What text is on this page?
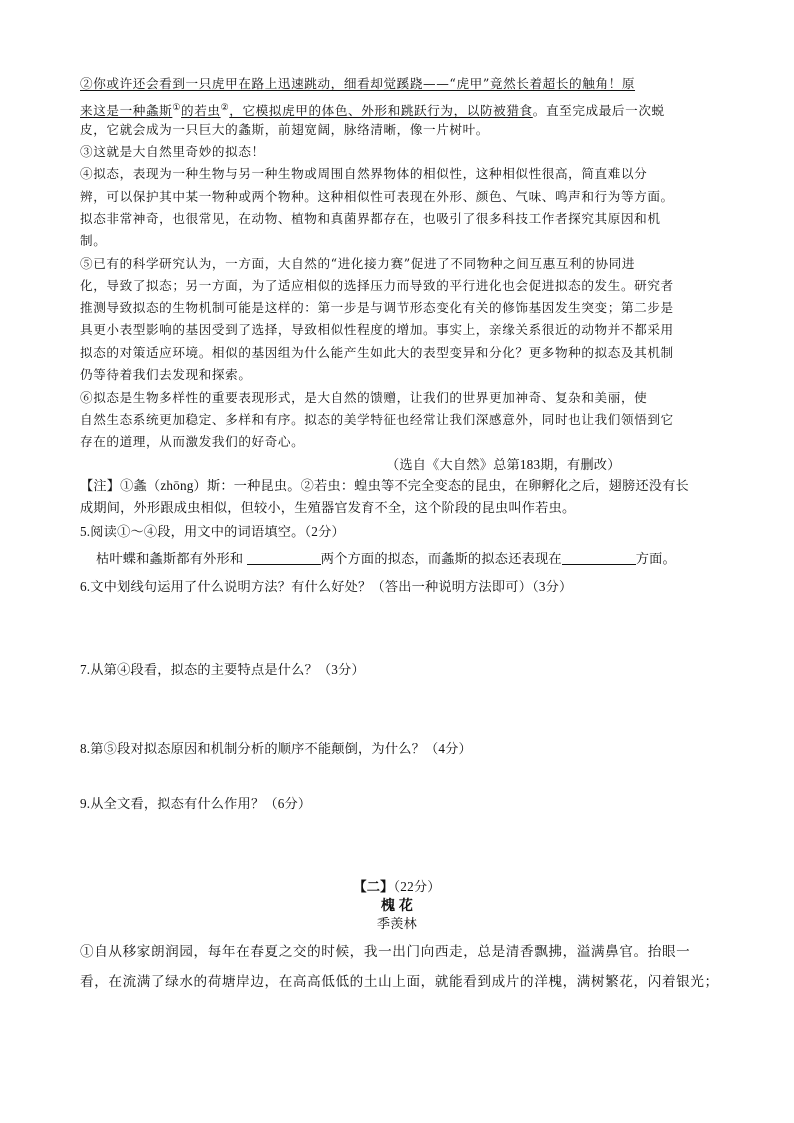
②你或许还会看到一只虎甲在路上迅速跳动，细看却觉蹊跷——“虎甲”竟然长着超长的触角！原
来这是一种螽斯①的若虫②，它模拟虎甲的体色、外形和跳跃行为，以防被猎食。直至完成最后一次蜕
皮，它就会成为一只巨大的螽斯，前翅宽阔，脉络清晰，像一片树叶。
③这就是大自然里奇妙的拟态！
④拟态，表现为一种生物与另一种生物或周围自然界物体的相似性，这种相似性很高，简直难以分
辨，可以保护其中某一物种或两个物种。这种相似性可表现在外形、颜色、气味、鸣声和行为等方面。
拟态非常神奇，也很常见，在动物、植物和真菌界都存在，也吸引了很多科技工作者探究其原因和机
制。
⑤已有的科学研究认为，一方面，大自然的“进化接力赛”促进了不同物种之间互惠互利的协同进
化，导致了拟态；另一方面，为了适应相似的选择压力而导致的平行进化也会促进拟态的发生。研究者
推测导致拟态的生物机制可能是这样的：第一步是与调节形态变化有关的修饰基因发生突变；第二步是
具更小表型影响的基因受到了选择，导致相似性程度的增加。事实上，亲缘关系很近的动物并不都采用
拟态的对策适应环境。相似的基因组为什么能产生如此大的表型变异和分化？更多物种的拟态及其机制
仍等待着我们去发现和探索。
⑥拟态是生物多样性的重要表现形式，是大自然的馈赠，让我们的世界更加神奇、复杂和美丽，使
自然生态系统更加稳定、多样和有序。拟态的美学特征也经常让我们深感意外，同时也让我们领悟到它
存在的道理，从而激发我们的好奇心。
（选自《大自然》总第183期，有删改）
【注】①螽（zhōng）斯：一种昆虫。②若虫：蝗虫等不完全变态的昆虫，在卵孵化之后，翅膀还没有长
成期间，外形跟成虫相似，但较小，生殖器官发育不全，这个阶段的昆虫叫作若虫。
5.阅读①～④段，用文中的词语填空。（2分）
枯叶蝶和螽斯都有外形和	两个方面的拟态，而螽斯的拟态还表现在	方面。
6.文中划线句运用了什么说明方法？有什么好处？（答出一种说明方法即可）（3分）
7.从第④段看，拟态的主要特点是什么？（3分）
8.第⑤段对拟态原因和机制分析的顺序不能颠倒，为什么？（4分）
9.从全文看，拟态有什么作用？（6分）
【二】（22分）
槐 花
季羡林
①自从移家朗润园，每年在春夏之交的时候，我一出门向西走，总是清香飘拂，溢满鼻官。抬眼一
看，在流满了绿水的荷塘岸边，在高高低低的土山上面，就能看到成片的洋槐，满树繁花，闪着银光；
